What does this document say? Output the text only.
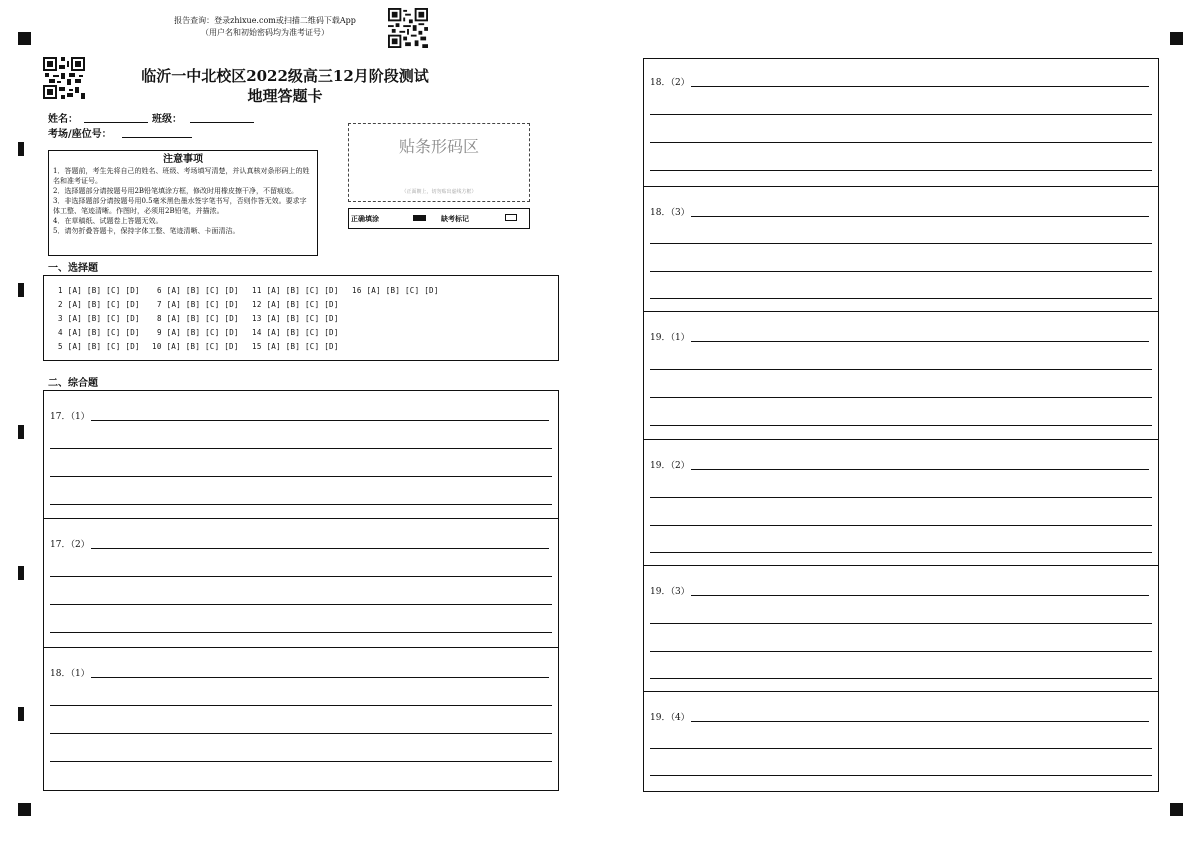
报告查询：登录zhixue.com或扫描二维码下载App
（用户名和初始密码均为准考证号）
临沂一中北校区2022级高三12月阶段测试
地理答题卡
姓名：	班级：
考场/座位号：
注意事项
1．答题前，考生先将自己的姓名、班级、考场填写清楚，并认真核对条形码上的姓名和准考证号。
2．选择题部分请按题号用2B铅笔填涂方框，修改时用橡皮擦干净，不留痕迹。
3．非选择题部分请按题号用0.5毫米黑色墨水签字笔书写，否则作答无效。要求字体工整、笔迹清晰。作图时，必须用2B铅笔，并描浓。
4．在草稿纸、试题卷上答题无效。
5．请勿折叠答题卡，保持字体工整、笔迹清晰、卡面清洁。
贴条形码区
（正面朝上，切勿贴出虚线方框）
正确填涂	缺考标记
一、选择题
1 [A] [B] [C] [D]
2 [A] [B] [C] [D]
3 [A] [B] [C] [D]
4 [A] [B] [C] [D]
5 [A] [B] [C] [D]
6 [A] [B] [C] [D]
7 [A] [B] [C] [D]
8 [A] [B] [C] [D]
9 [A] [B] [C] [D]
10 [A] [B] [C] [D]
11 [A] [B] [C] [D]
12 [A] [B] [C] [D]
13 [A] [B] [C] [D]
14 [A] [B] [C] [D]
15 [A] [B] [C] [D]
16 [A] [B] [C] [D]
二、综合题
17．（1）
17．（2）
18．（1）
18．（2）
18．（3）
19．（1）
19．（2）
19．（3）
19．（4）
